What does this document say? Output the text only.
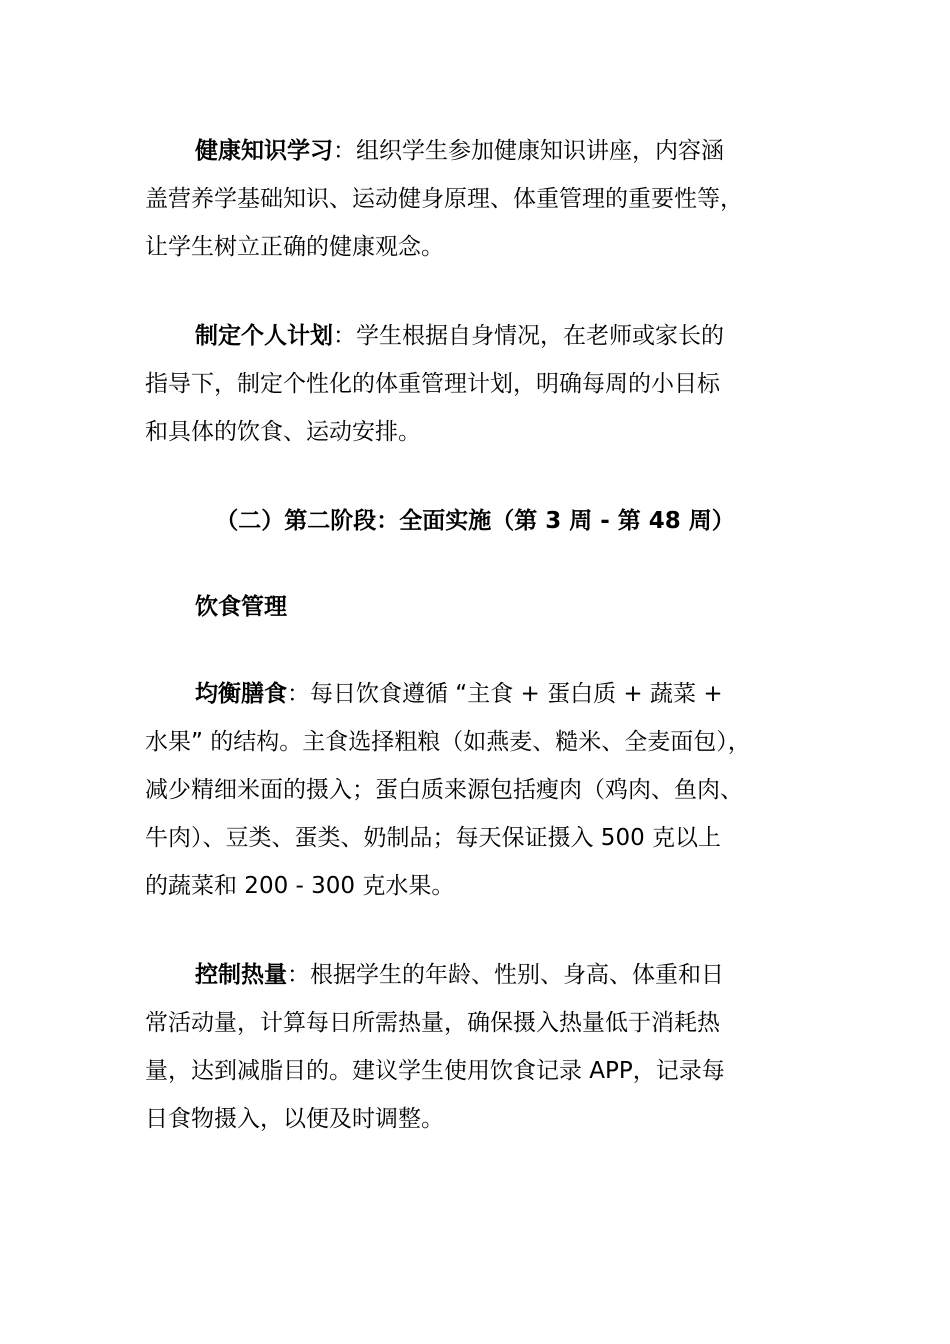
健康知识学习：组织学生参加健康知识讲座，内容涵
盖营养学基础知识、运动健身原理、体重管理的重要性等，
让学生树立正确的健康观念。
制定个人计划：学生根据自身情况，在老师或家长的
指导下，制定个性化的体重管理计划，明确每周的小目标
和具体的饮食、运动安排。
（二）第二阶段：全面实施（第 3 周 - 第 48 周）
饮食管理
均衡膳食：每日饮食遵循 “主食 + 蛋白质 + 蔬菜 +
水果” 的结构。主食选择粗粮（如燕麦、糙米、全麦面包），
减少精细米面的摄入；蛋白质来源包括瘦肉（鸡肉、鱼肉、
牛肉）、豆类、蛋类、奶制品；每天保证摄入 500 克以上
的蔬菜和 200 - 300 克水果。
控制热量：根据学生的年龄、性别、身高、体重和日
常活动量，计算每日所需热量，确保摄入热量低于消耗热
量，达到减脂目的。建议学生使用饮食记录 APP，记录每
日食物摄入，以便及时调整。
